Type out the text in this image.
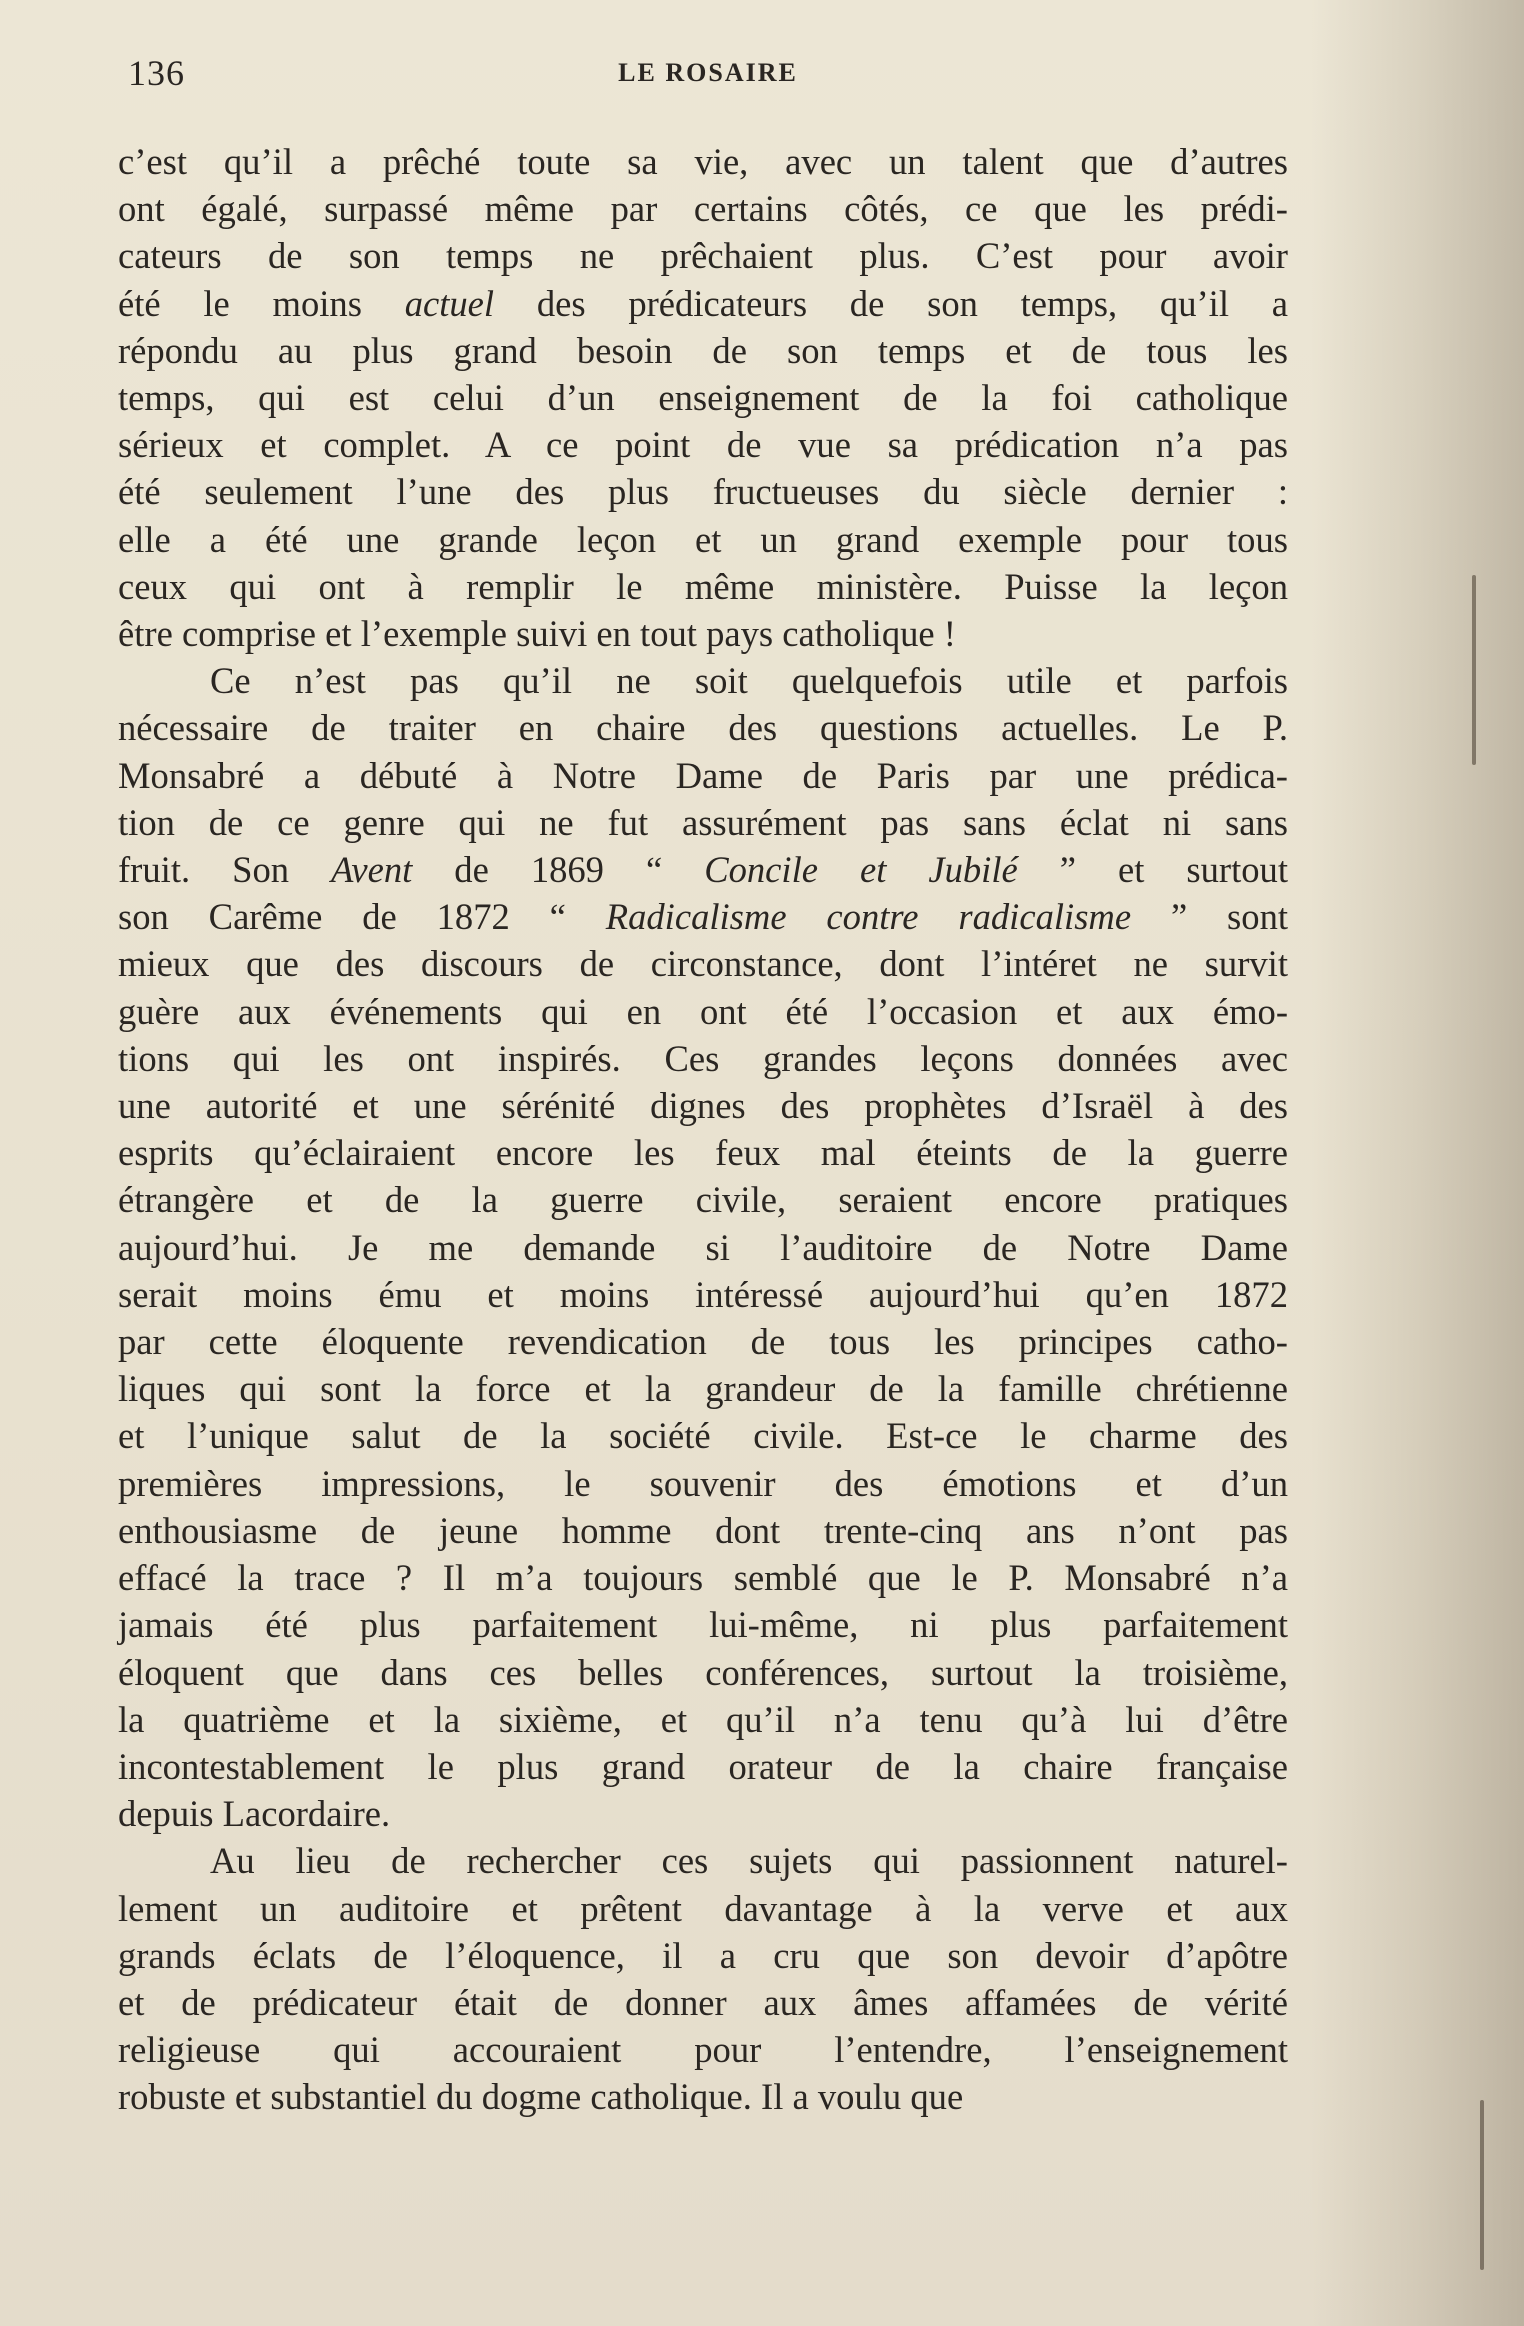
136	LE ROSAIRE
c’est qu’il a prêché toute sa vie, avec un talent que d’autres
ont égalé, surpassé même par certains côtés, ce que les prédi-
cateurs de son temps ne prêchaient plus. C’est pour avoir
été le moins actuel des prédicateurs de son temps, qu’il a
répondu au plus grand besoin de son temps et de tous les
temps, qui est celui d’un enseignement de la foi catholique
sérieux et complet. A ce point de vue sa prédication n’a pas
été seulement l’une des plus fructueuses du siècle dernier :
elle a été une grande leçon et un grand exemple pour tous
ceux qui ont à remplir le même ministère. Puisse la leçon
être comprise et l’exemple suivi en tout pays catholique !
Ce n’est pas qu’il ne soit quelquefois utile et parfois
nécessaire de traiter en chaire des questions actuelles. Le P.
Monsabré a débuté à Notre Dame de Paris par une prédica-
tion de ce genre qui ne fut assurément pas sans éclat ni sans
fruit. Son Avent de 1869 “ Concile et Jubilé ” et surtout
son Carême de 1872 “ Radicalisme contre radicalisme ” sont
mieux que des discours de circonstance, dont l’intéret ne survit
guère aux événements qui en ont été l’occasion et aux émo-
tions qui les ont inspirés. Ces grandes leçons données avec
une autorité et une sérénité dignes des prophètes d’Israël à des
esprits qu’éclairaient encore les feux mal éteints de la guerre
étrangère et de la guerre civile, seraient encore pratiques
aujourd’hui. Je me demande si l’auditoire de Notre Dame
serait moins ému et moins intéressé aujourd’hui qu’en 1872
par cette éloquente revendication de tous les principes catho-
liques qui sont la force et la grandeur de la famille chrétienne
et l’unique salut de la société civile. Est-ce le charme des
premières impressions, le souvenir des émotions et d’un
enthousiasme de jeune homme dont trente-cinq ans n’ont pas
effacé la trace ? Il m’a toujours semblé que le P. Monsabré n’a
jamais été plus parfaitement lui-même, ni plus parfaitement
éloquent que dans ces belles conférences, surtout la troisième,
la quatrième et la sixième, et qu’il n’a tenu qu’à lui d’être
incontestablement le plus grand orateur de la chaire française
depuis Lacordaire.
Au lieu de rechercher ces sujets qui passionnent naturel-
lement un auditoire et prêtent davantage à la verve et aux
grands éclats de l’éloquence, il a cru que son devoir d’apôtre
et de prédicateur était de donner aux âmes affamées de vérité
religieuse qui accouraient pour l’entendre, l’enseignement
robuste et substantiel du dogme catholique. Il a voulu que
